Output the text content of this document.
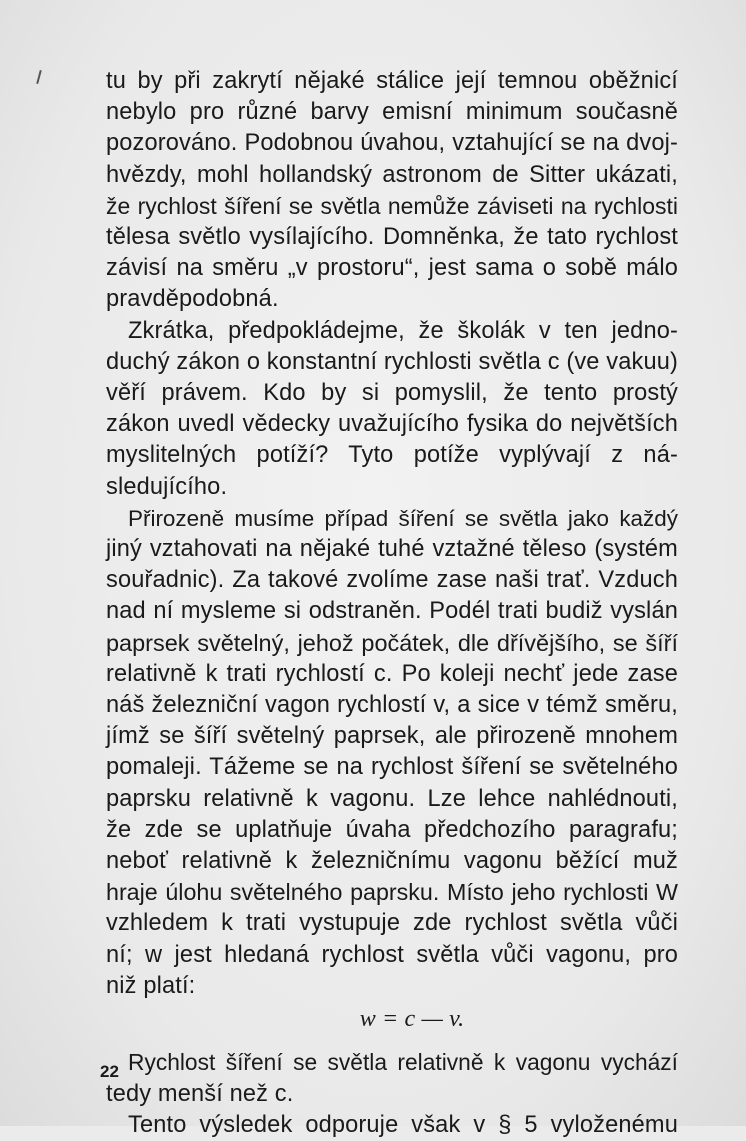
tu by při zakrytí nějaké stálice její temnou oběžnicí
nebylo pro různé barvy emisní minimum současně
pozorováno. Podobnou úvahou, vztahující se na dvoj-
hvězdy, mohl hollandský astronom de Sitter ukázati,
že rychlost šíření se světla nemůže záviseti na rychlosti
tělesa světlo vysílajícího. Domněnka, že tato rychlost
závisí na směru „v prostoru“, jest sama o sobě málo
pravděpodobná.

Zkrátka, předpokládejme, že školák v ten jedno-
duchý zákon o konstantní rychlosti světla c (ve vakuu)
věří právem. Kdo by si pomyslil, že tento prostý
zákon uvedl vědecky uvažujícího fysika do největších
myslitelných potíží? Tyto potíže vyplývají z ná-
sledujícího.

Přirozeně musíme případ šíření se světla jako každý
jiný vztahovati na nějaké tuhé vztažné těleso (systém
souřadnic). Za takové zvolíme zase naši trať. Vzduch
nad ní mysleme si odstraněn. Podél trati budiž vyslán
paprsek světelný, jehož počátek, dle dřívějšího, se šíří
relativně k trati rychlostí c. Po koleji nechť jede zase
náš železniční vagon rychlostí v, a sice v témž směru,
jímž se šíří světelný paprsek, ale přirozeně mnohem
pomaleji. Tážeme se na rychlost šíření se světelného
paprsku relativně k vagonu. Lze lehce nahlédnouti,
že zde se uplatňuje úvaha předchozího paragrafu;
neboť relativně k železničnímu vagonu běžící muž
hraje úlohu světelného paprsku. Místo jeho rychlosti W
vzhledem k trati vystupuje zde rychlost světla vůči
ní; w jest hledaná rychlost světla vůči vagonu, pro
niž platí:

w = c — v.

Rychlost šíření se světla relativně k vagonu vychází
tedy menší než c.

Tento výsledek odporuje však v § 5 vyloženému

22
